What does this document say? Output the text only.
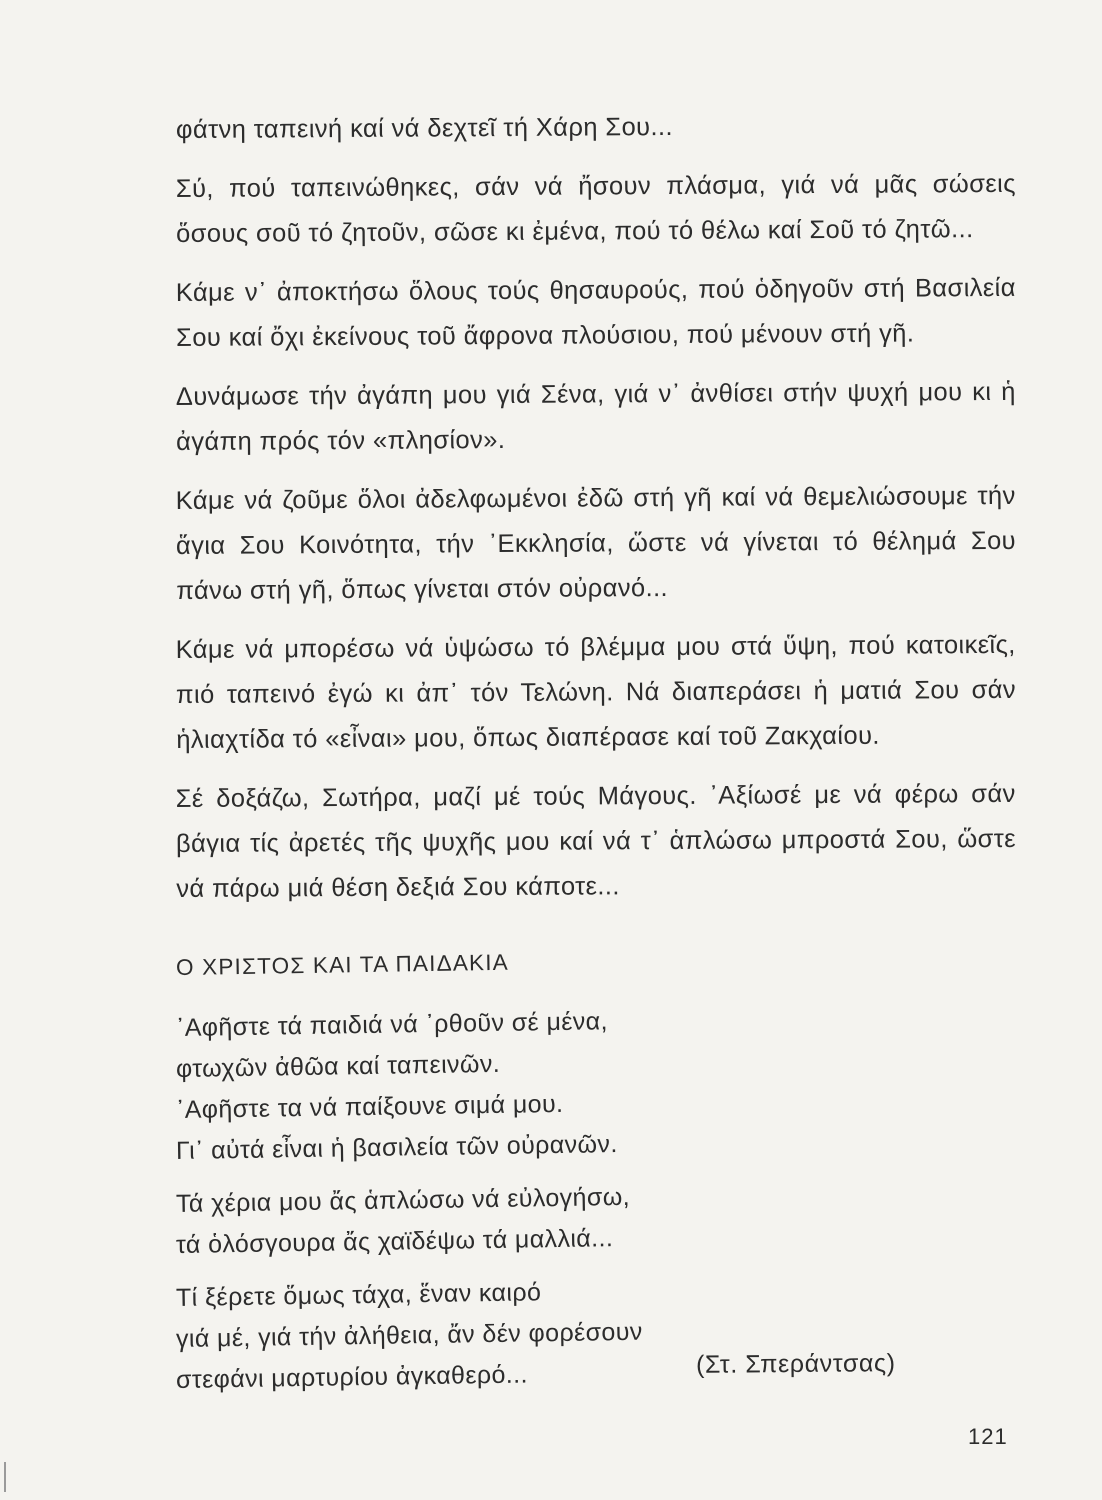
φάτνη ταπεινή καί νά δεχτεῖ τή Χάρη Σου...

Σύ, πού ταπεινώθηκες, σάν νά ἤσουν πλάσμα, γιά νά μᾶς σώσεις ὅσους σοῦ τό ζητοῦν, σῶσε κι ἐμένα, πού τό θέλω καί Σοῦ τό ζητῶ...

Κάμε ν᾽ ἀποκτήσω ὅλους τούς θησαυρούς, πού ὁδηγοῦν στή Βασιλεία Σου καί ὄχι ἐκείνους τοῦ ἄφρονα πλούσιου, πού μένουν στή γῆ.

Δυνάμωσε τήν ἀγάπη μου γιά Σένα, γιά ν᾽ ἀνθίσει στήν ψυχή μου κι ἡ ἀγάπη πρός τόν «πλησίον».

Κάμε νά ζοῦμε ὅλοι ἀδελφωμένοι ἐδῶ στή γῆ καί νά θεμελιώσουμε τήν ἅγια Σου Κοινότητα, τήν ᾽Εκκλησία, ὥστε νά γίνεται τό θέλημά Σου πάνω στή γῆ, ὅπως γίνεται στόν οὐρανό...

Κάμε νά μπορέσω νά ὑψώσω τό βλέμμα μου στά ὕψη, πού κατοικεῖς, πιό ταπεινό ἐγώ κι ἀπ᾽ τόν Τελώνη. Νά διαπεράσει ἡ ματιά Σου σάν ἡλιαχτίδα τό «εἶναι» μου, ὅπως διαπέρασε καί τοῦ Ζακχαίου.

Σέ δοξάζω, Σωτήρα, μαζί μέ τούς Μάγους. ᾽Αξίωσέ με νά φέρω σάν βάγια τίς ἀρετές τῆς ψυχῆς μου καί νά τ᾽ ἁπλώσω μπροστά Σου, ὥστε νά πάρω μιά θέση δεξιά Σου κάποτε...

Ο ΧΡΙΣΤΟΣ ΚΑΙ ΤΑ ΠΑΙΔΑΚΙΑ
᾽Αφῆστε τά παιδιά νά ᾽ρθοῦν σέ μένα,
φτωχῶν ἀθῶα καί ταπεινῶν.
᾽Αφῆστε τα νά παίξουνε σιμά μου.
Γι᾽ αὐτά εἶναι ἡ βασιλεία τῶν οὐρανῶν.
Τά χέρια μου ἄς ἁπλώσω νά εὐλογήσω,
τά ὁλόσγουρα ἄς χαϊδέψω τά μαλλιά...
Τί ξέρετε ὅμως τάχα, ἕναν καιρό
γιά μέ, γιά τήν ἀλήθεια, ἄν δέν φορέσουν
στεφάνι μαρτυρίου ἀγκαθερό...	(Στ. Σπεράντσας)
121
